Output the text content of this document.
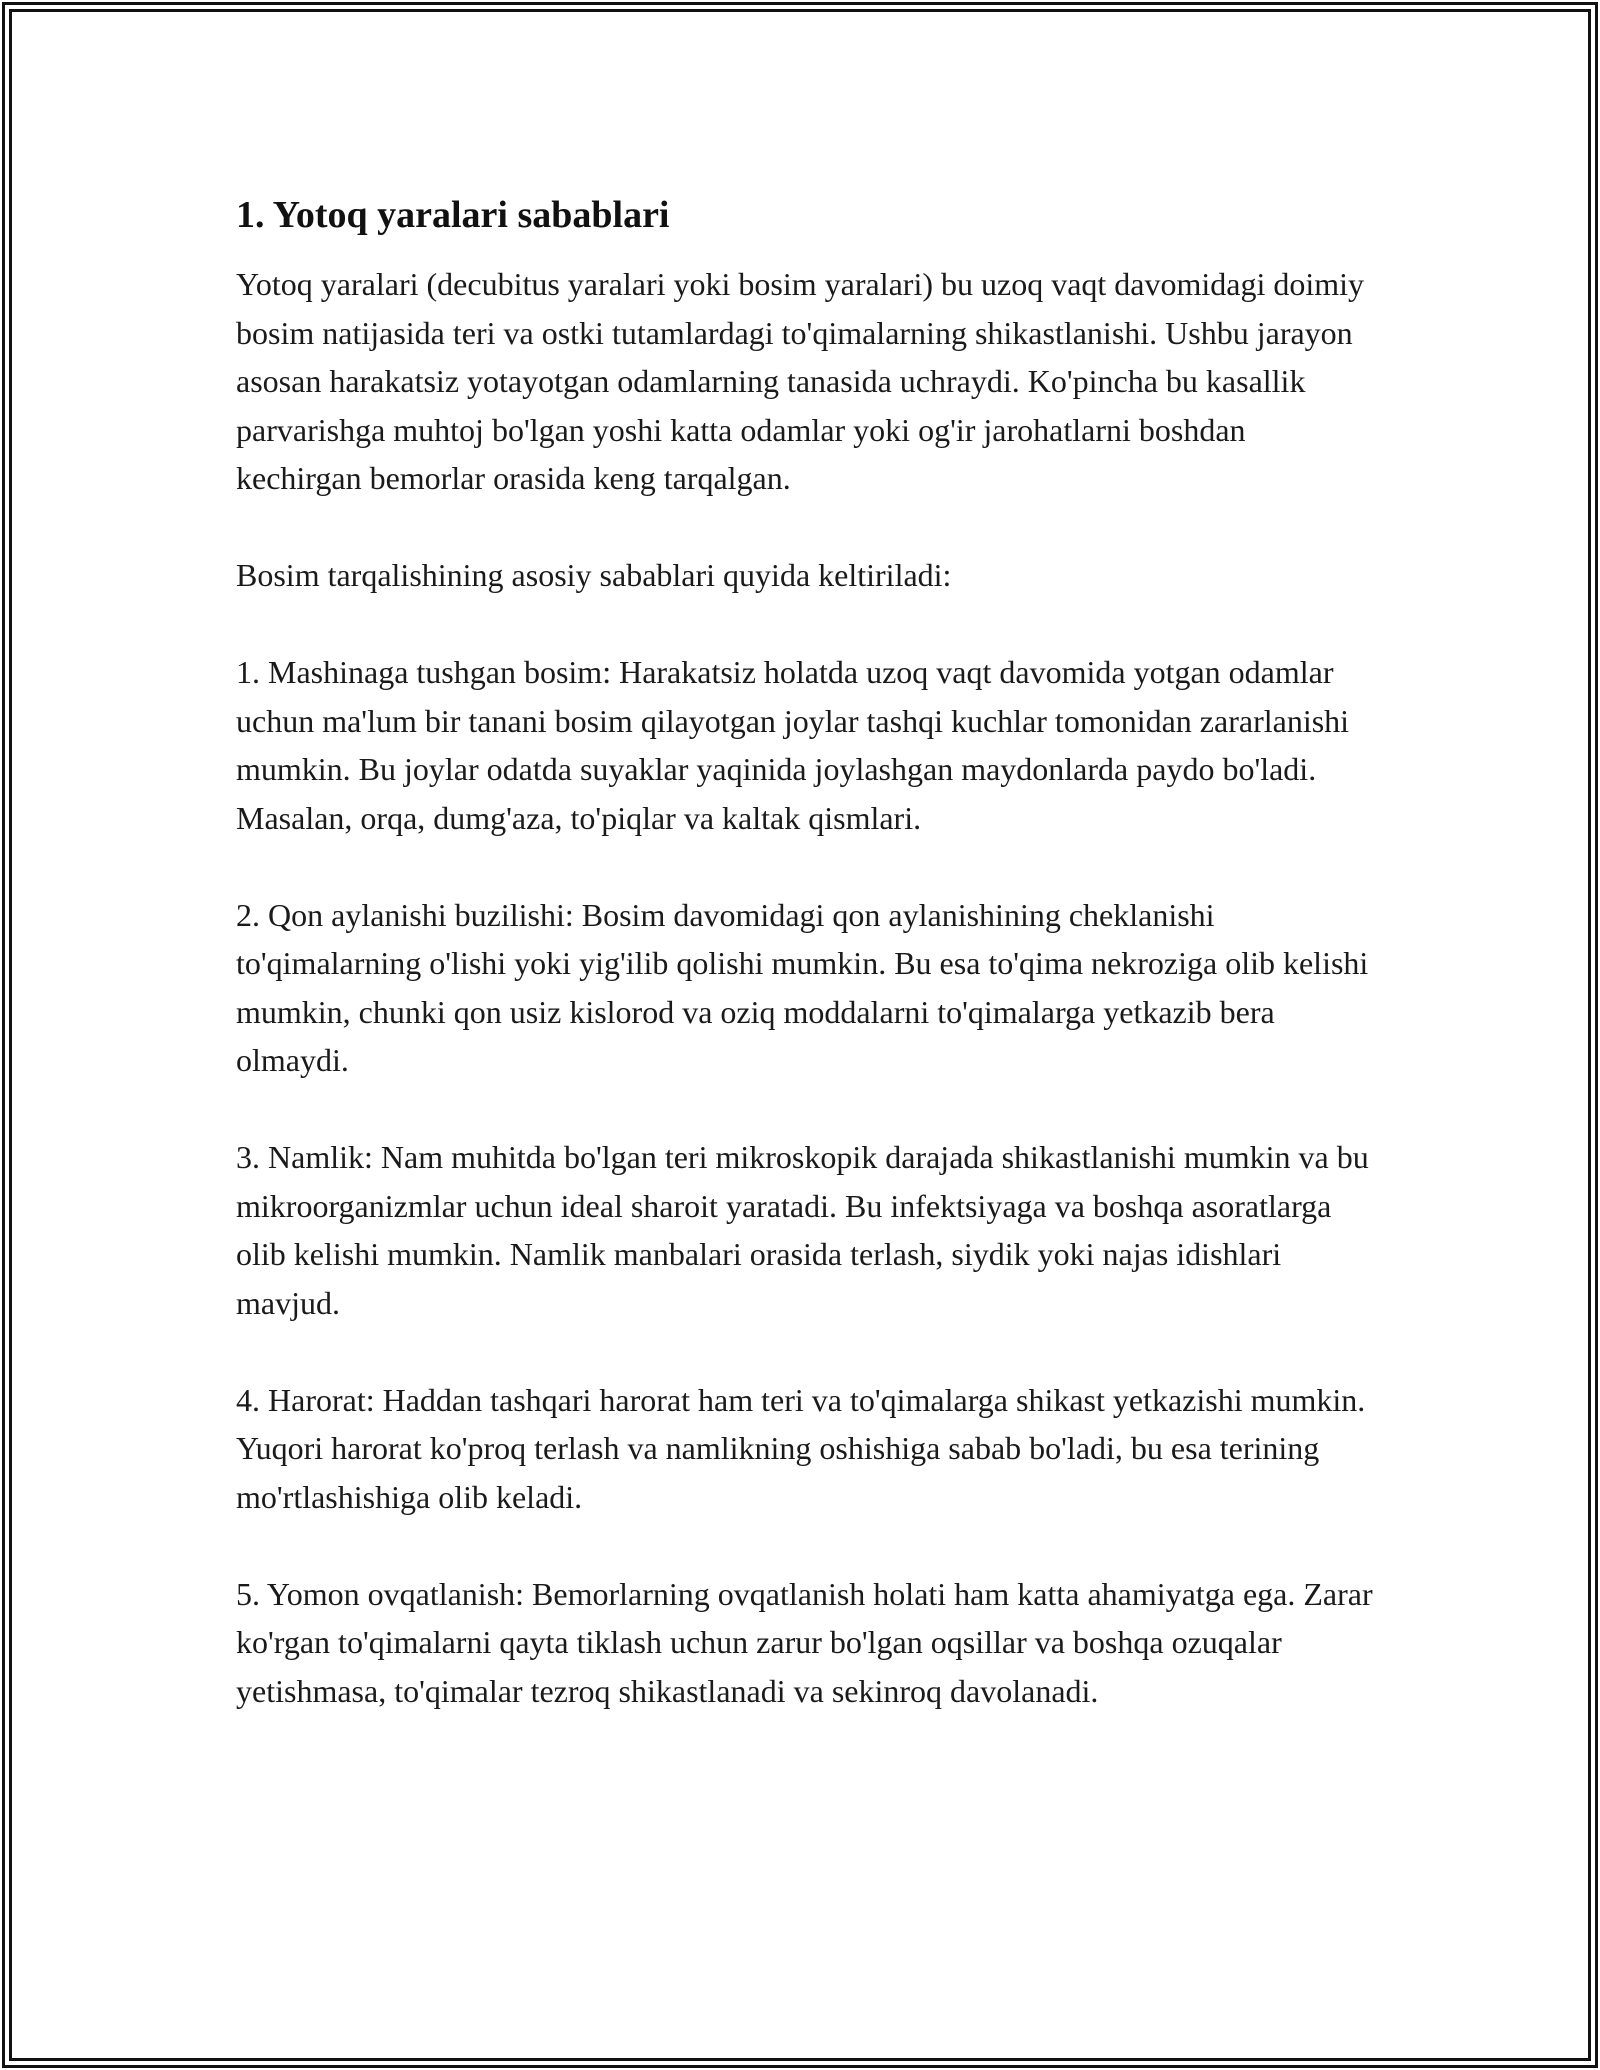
1. Yotoq yaralari sabablari

Yotoq yaralari (decubitus yaralari yoki bosim yaralari) bu uzoq vaqt davomidagi doimiy bosim natijasida teri va ostki tutamlardagi to'qimalarning shikastlanishi. Ushbu jarayon asosan harakatsiz yotayotgan odamlarning tanasida uchraydi. Ko'pincha bu kasallik parvarishga muhtoj bo'lgan yoshi katta odamlar yoki og'ir jarohatlarni boshdan kechirgan bemorlar orasida keng tarqalgan.

Bosim tarqalishining asosiy sabablari quyida keltiriladi:

1. Mashinaga tushgan bosim: Harakatsiz holatda uzoq vaqt davomida yotgan odamlar uchun ma'lum bir tanani bosim qilayotgan joylar tashqi kuchlar tomonidan zararlanishi mumkin. Bu joylar odatda suyaklar yaqinida joylashgan maydonlarda paydo bo'ladi. Masalan, orqa, dumg'aza, to'piqlar va kaltak qismlari.

2. Qon aylanishi buzilishi: Bosim davomidagi qon aylanishining cheklanishi to'qimalarning o'lishi yoki yig'ilib qolishi mumkin. Bu esa to'qima nekroziga olib kelishi mumkin, chunki qon usiz kislorod va oziq moddalarni to'qimalarga yetkazib bera olmaydi.

3. Namlik: Nam muhitda bo'lgan teri mikroskopik darajada shikastlanishi mumkin va bu mikroorganizmlar uchun ideal sharoit yaratadi. Bu infektsiyaga va boshqa asoratlarga olib kelishi mumkin. Namlik manbalari orasida terlash, siydik yoki najas idishlari mavjud.

4. Harorat: Haddan tashqari harorat ham teri va to'qimalarga shikast yetkazishi mumkin. Yuqori harorat ko'proq terlash va namlikning oshishiga sabab bo'ladi, bu esa terining mo'rtlashishiga olib keladi.

5. Yomon ovqatlanish: Bemorlarning ovqatlanish holati ham katta ahamiyatga ega. Zarar ko'rgan to'qimalarni qayta tiklash uchun zarur bo'lgan oqsillar va boshqa ozuqalar yetishmasa, to'qimalar tezroq shikastlanadi va sekinroq davolanadi.
